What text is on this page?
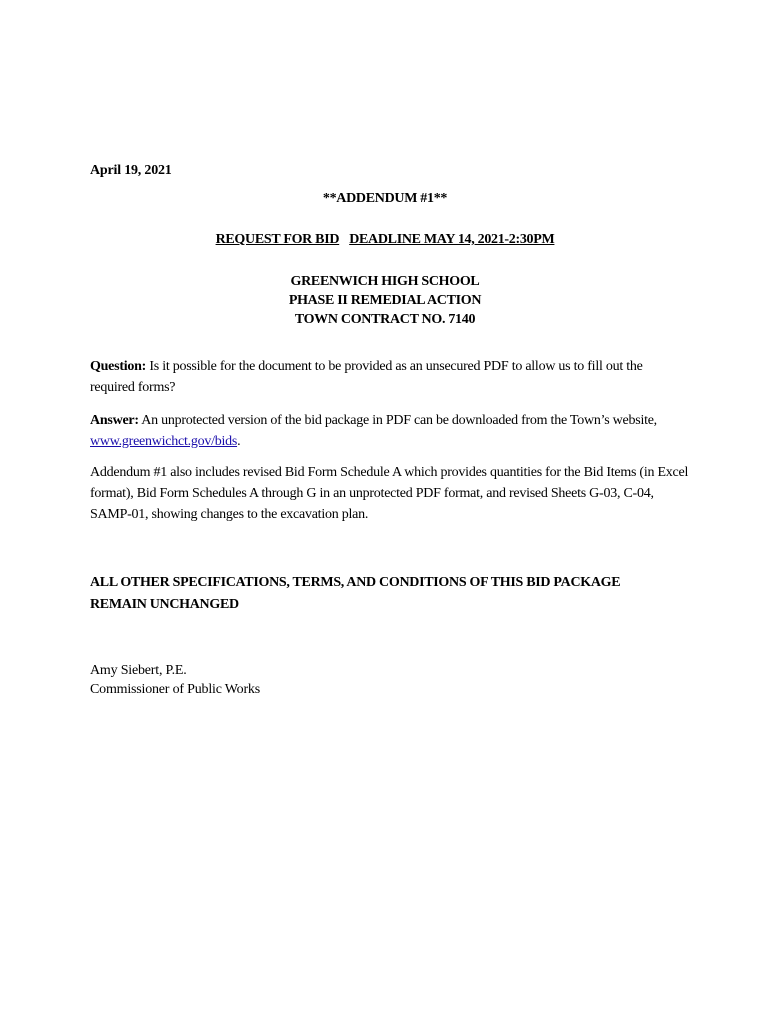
April 19, 2021
**ADDENDUM #1**
REQUEST FOR BID DEADLINE MAY 14, 2021-2:30PM
GREENWICH HIGH SCHOOL
PHASE II REMEDIAL ACTION
TOWN CONTRACT NO. 7140
Question: Is it possible for the document to be provided as an unsecured PDF to allow us to fill out the required forms?
Answer: An unprotected version of the bid package in PDF can be downloaded from the Town’s website, www.greenwichct.gov/bids.
Addendum #1 also includes revised Bid Form Schedule A which provides quantities for the Bid Items (in Excel format), Bid Form Schedules A through G in an unprotected PDF format, and revised Sheets G-03, C-04, SAMP-01, showing changes to the excavation plan.
ALL OTHER SPECIFICATIONS, TERMS, AND CONDITIONS OF THIS BID PACKAGE REMAIN UNCHANGED
Amy Siebert, P.E.
Commissioner of Public Works
